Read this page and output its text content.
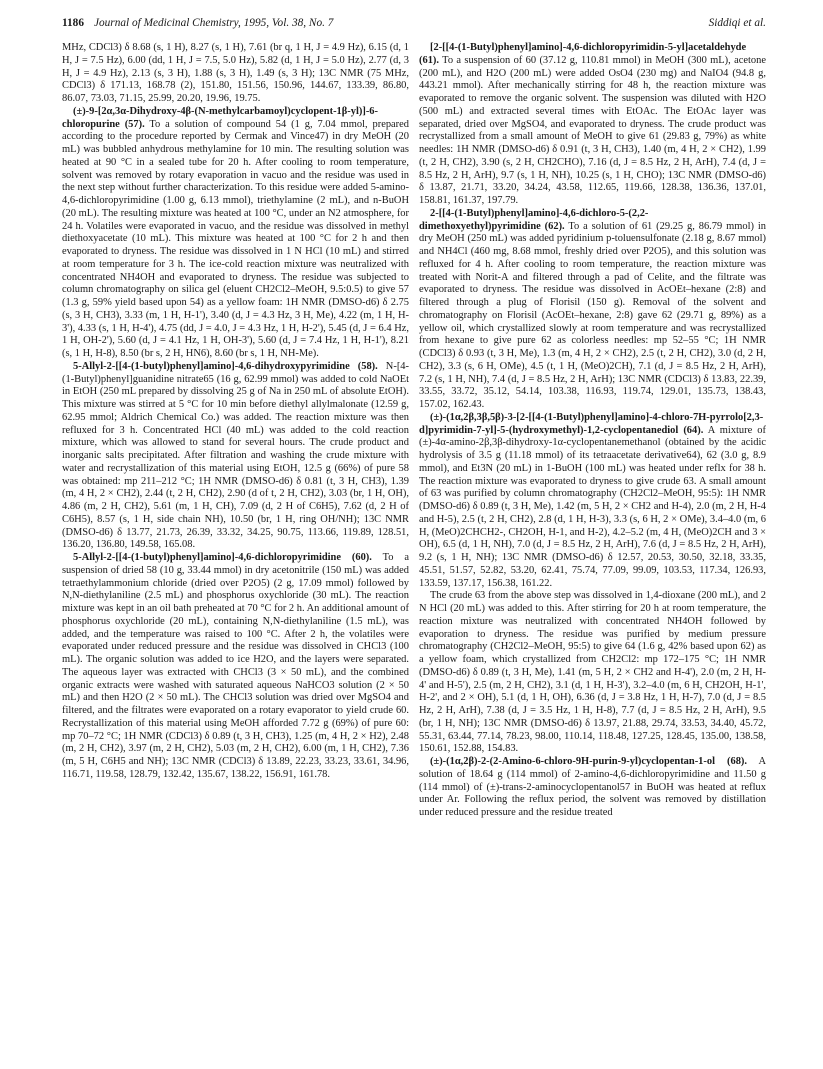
1186 Journal of Medicinal Chemistry, 1995, Vol. 38, No. 7	Siddiqi et al.

MHz, CDCl3) δ 8.68 (s, 1 H), 8.27 (s, 1 H), 7.61 (br q, 1 H, J = 4.9 Hz), 6.15 (d, 1 H, J = 7.5 Hz), 6.00 (dd, 1 H, J = 7.5, 5.0 Hz), 5.82 (d, 1 H, J = 5.0 Hz), 2.77 (d, 3 H, J = 4.9 Hz), 2.13 (s, 3 H), 1.88 (s, 3 H), 1.49 (s, 3 H); 13C NMR (75 MHz, CDCl3) δ 171.13, 168.78 (2), 151.80, 151.56, 150.96, 144.67, 133.39, 86.80, 86.07, 73.03, 71.15, 25.99, 20.20, 19.96, 19.75.

(±)-9-[2α,3α-Dihydroxy-4β-(N-methylcarbamoyl)cyclopent-1β-yl)]-6-chloropurine (57). To a solution of compound 54 (1 g, 7.04 mmol, prepared according to the procedure reported by Cermak and Vince47) in dry MeOH (20 mL) was bubbled anhydrous methylamine for 10 min. The resulting solution was heated at 90 °C in a sealed tube for 20 h. After cooling to room temperature, solvent was removed by rotary evaporation in vacuo and the residue was used in the next step without further characterization. To this residue were added 5-amino-4,6-dichloropyrimidine (1.00 g, 6.13 mmol), triethylamine (2 mL), and n-BuOH (20 mL). The resulting mixture was heated at 100 °C, under an N2 atmosphere, for 24 h. Volatiles were evaporated in vacuo, and the residue was dissolved in methyl diethoxyacetate (10 mL). This mixture was heated at 100 °C for 2 h and then evaporated to dryness. The residue was dissolved in 1 N HCl (10 mL) and stirred at room temperature for 3 h. The ice-cold reaction mixture was neutralized with concentrated NH4OH and evaporated to dryness. The residue was subjected to column chromatography on silica gel (eluent CH2Cl2–MeOH, 9.5:0.5) to give 57 (1.3 g, 59% yield based upon 54) as a yellow foam: 1H NMR (DMSO-d6) δ 2.75 (s, 3 H, CH3), 3.33 (m, 1 H, H-1'), 3.40 (d, J = 4.3 Hz, 3 H, Me), 4.22 (m, 1 H, H-3'), 4.33 (s, 1 H, H-4'), 4.75 (dd, J = 4.0, J = 4.3 Hz, 1 H, H-2'), 5.45 (d, J = 6.4 Hz, 1 H, OH-2'), 5.60 (d, J = 4.1 Hz, 1 H, OH-3'), 5.60 (d, J = 7.4 Hz, 1 H, H-1'), 8.21 (s, 1 H, H-8), 8.50 (br s, 2 H, HN6), 8.60 (br s, 1 H, NH-Me).

5-Allyl-2-[[4-(1-butyl)phenyl]amino]-4,6-dihydroxypyrimidine (58). N-[4-(1-Butyl)phenyl]guanidine nitrate65 (16 g, 62.99 mmol) was added to cold NaOEt in EtOH (250 mL prepared by dissolving 25 g of Na in 250 mL of absolute EtOH). This mixture was stirred at 5 °C for 10 min before diethyl allylmalonate (12.59 g, 62.95 mmol; Aldrich Chemical Co.) was added. The reaction mixture was then refluxed for 3 h. Concentrated HCl (40 mL) was added to the cold reaction mixture, which was allowed to stand for several hours. The crude product and inorganic salts precipitated. After filtration and washing the crude mixture with water and recrystallization of this material using EtOH, 12.5 g (66%) of pure 58 was obtained: mp 211–212 °C; 1H NMR (DMSO-d6) δ 0.81 (t, 3 H, CH3), 1.39 (m, 4 H, 2 × CH2), 2.44 (t, 2 H, CH2), 2.90 (d of t, 2 H, CH2), 3.03 (br, 1 H, OH), 4.86 (m, 2 H, CH2), 5.61 (m, 1 H, CH), 7.09 (d, 2 H of C6H5), 7.62 (d, 2 H of C6H5), 8.57 (s, 1 H, side chain NH), 10.50 (br, 1 H, ring OH/NH); 13C NMR (DMSO-d6) δ 13.77, 21.73, 26.39, 33.32, 34.25, 90.75, 113.66, 119.89, 128.51, 136.20, 136.80, 149.58, 165.08.

5-Allyl-2-[[4-(1-butyl)phenyl]amino]-4,6-dichloropyrimidine (60). To a suspension of dried 58 (10 g, 33.44 mmol) in dry acetonitrile (150 mL) was added tetraethylammonium chloride (dried over P2O5) (2 g, 17.09 mmol) followed by N,N-diethylaniline (2.5 mL) and phosphorus oxychloride (30 mL). The reaction mixture was kept in an oil bath preheated at 70 °C for 2 h. An additional amount of phosphorus oxychloride (20 mL), containing N,N-diethylaniline (1.5 mL), was added, and the temperature was raised to 100 °C. After 2 h, the volatiles were evaporated under reduced pressure and the residue was dissolved in CHCl3 (100 mL). The organic solution was added to ice H2O, and the layers were separated. The aqueous layer was extracted with CHCl3 (3 × 50 mL), and the combined organic extracts were washed with saturated aqueous NaHCO3 solution (2 × 50 mL) and then H2O (2 × 50 mL). The CHCl3 solution was dried over MgSO4 and filtered, and the filtrates were evaporated on a rotary evaporator to yield crude 60. Recrystallization of this material using MeOH afforded 7.72 g (69%) of pure 60: mp 70–72 °C; 1H NMR (CDCl3) δ 0.89 (t, 3 H, CH3), 1.25 (m, 4 H, 2 × H2), 2.48 (m, 2 H, CH2), 3.97 (m, 2 H, CH2), 5.03 (m, 2 H, CH2), 6.00 (m, 1 H, CH2), 7.36 (m, 5 H, C6H5 and NH); 13C NMR (CDCl3) δ 13.89, 22.23, 33.23, 33.61, 34.96, 116.71, 119.58, 128.79, 132.42, 135.67, 138.22, 156.91, 161.78.

[2-[[4-(1-Butyl)phenyl]amino]-4,6-dichloropyrimidin-5-yl]acetaldehyde (61). To a suspension of 60 (37.12 g, 110.81 mmol) in MeOH (300 mL), acetone (200 mL), and H2O (200 mL) were added OsO4 (230 mg) and NaIO4 (94.8 g, 443.21 mmol). After mechanically stirring for 48 h, the reaction mixture was evaporated to remove the organic solvent. The suspension was diluted with H2O (500 mL) and extracted several times with EtOAc. The EtOAc layer was separated, dried over MgSO4, and evaporated to dryness. The crude product was recrystallized from a small amount of MeOH to give 61 (29.83 g, 79%) as white needles: 1H NMR (DMSO-d6) δ 0.91 (t, 3 H, CH3), 1.40 (m, 4 H, 2 × CH2), 1.99 (t, 2 H, CH2), 3.90 (s, 2 H, CH2CHO), 7.16 (d, J = 8.5 Hz, 2 H, ArH), 7.4 (d, J = 8.5 Hz, 2 H, ArH), 9.7 (s, 1 H, NH), 10.25 (s, 1 H, CHO); 13C NMR (DMSO-d6) δ 13.87, 21.71, 33.20, 34.24, 43.58, 112.65, 119.66, 128.38, 136.36, 137.01, 158.81, 161.37, 197.79.

2-[[4-(1-Butyl)phenyl]amino]-4,6-dichloro-5-(2,2-dimethoxyethyl)pyrimidine (62). To a solution of 61 (29.25 g, 86.79 mmol) in dry MeOH (250 mL) was added pyridinium p-toluensulfonate (2.18 g, 8.67 mmol) and NH4Cl (460 mg, 8.68 mmol, freshly dried over P2O5), and this solution was refluxed for 4 h. After cooling to room temperature, the reaction mixture was treated with Norit-A and filtered through a pad of Celite, and the filtrate was evaporated to dryness. The residue was dissolved in AcOEt–hexane (2:8) and filtered through a plug of Florisil (150 g). Removal of the solvent and chromatography on Florisil (AcOEt–hexane, 2:8) gave 62 (29.71 g, 89%) as a yellow oil, which crystallized slowly at room temperature and was recrystallized from hexane to give pure 62 as colorless needles: mp 52–55 °C; 1H NMR (CDCl3) δ 0.93 (t, 3 H, Me), 1.3 (m, 4 H, 2 × CH2), 2.5 (t, 2 H, CH2), 3.0 (d, 2 H, CH2), 3.3 (s, 6 H, OMe), 4.5 (t, 1 H, (MeO)2CH), 7.1 (d, J = 8.5 Hz, 2 H, ArH), 7.2 (s, 1 H, NH), 7.4 (d, J = 8.5 Hz, 2 H, ArH); 13C NMR (CDCl3) δ 13.83, 22.39, 33.55, 33.72, 35.12, 54.14, 103.38, 116.93, 119.74, 129.01, 135.73, 138.43, 157.02, 162.43.

(±)-(1α,2β,3β,5β)-3-[2-[[4-(1-Butyl)phenyl]amino]-4-chloro-7H-pyrrolo[2,3-d]pyrimidin-7-yl]-5-(hydroxymethyl)-1,2-cyclopentanediol (64). A mixture of (±)-4α-amino-2β,3β-dihydroxy-1α-cyclopentanemethanol (obtained by the acidic hydrolysis of 3.5 g (11.18 mmol) of its tetraacetate derivative64), 62 (3.0 g, 8.9 mmol), and Et3N (20 mL) in 1-BuOH (100 mL) was heated under reflx for 38 h. The reaction mixture was evaporated to dryness to give crude 63. A small amount of 63 was purified by column chromatography (CH2Cl2–MeOH, 95:5): 1H NMR (DMSO-d6) δ 0.89 (t, 3 H, Me), 1.42 (m, 5 H, 2 × CH2 and H-4), 2.0 (m, 2 H, H-4 and H-5), 2.5 (t, 2 H, CH2), 2.8 (d, 1 H, H-3), 3.3 (s, 6 H, 2 × OMe), 3.4–4.0 (m, 6 H, (MeO)2CHCH2-, CH2OH, H-1, and H-2), 4.2–5.2 (m, 4 H, (MeO)2CH and 3 × OH), 6.5 (d, 1 H, NH), 7.0 (d, J = 8.5 Hz, 2 H, ArH), 7.6 (d, J = 8.5 Hz, 2 H, ArH), 9.2 (s, 1 H, NH); 13C NMR (DMSO-d6) δ 12.57, 20.53, 30.50, 32.18, 33.35, 45.51, 51.57, 52.82, 53.20, 62.41, 75.74, 77.09, 99.09, 103.53, 117.34, 126.93, 133.59, 137.17, 156.38, 161.22.

The crude 63 from the above step was dissolved in 1,4-dioxane (200 mL), and 2 N HCl (20 mL) was added to this. After stirring for 20 h at room temperature, the reaction mixture was neutralized with concentrated NH4OH followed by evaporation to dryness. The residue was purified by medium pressure chromatography (CH2Cl2–MeOH, 95:5) to give 64 (1.6 g, 42% based upon 62) as a yellow foam, which crystallized from CH2Cl2: mp 172–175 °C; 1H NMR (DMSO-d6) δ 0.89 (t, 3 H, Me), 1.41 (m, 5 H, 2 × CH2 and H-4'), 2.0 (m, 2 H, H-4' and H-5'), 2.5 (m, 2 H, CH2), 3.1 (d, 1 H, H-3'), 3.2–4.0 (m, 6 H, CH2OH, H-1', H-2', and 2 × OH), 5.1 (d, 1 H, OH), 6.36 (d, J = 3.8 Hz, 1 H, H-7), 7.0 (d, J = 8.5 Hz, 2 H, ArH), 7.38 (d, J = 3.5 Hz, 1 H, H-8), 7.7 (d, J = 8.5 Hz, 2 H, ArH), 9.5 (br, 1 H, NH); 13C NMR (DMSO-d6) δ 13.97, 21.88, 29.74, 33.53, 34.40, 45.72, 55.31, 63.44, 77.14, 78.23, 98.00, 110.14, 118.48, 127.25, 128.45, 135.00, 138.58, 150.61, 152.88, 154.83.

(±)-(1α,2β)-2-(2-Amino-6-chloro-9H-purin-9-yl)cyclopentan-1-ol (68). A solution of 18.64 g (114 mmol) of 2-amino-4,6-dichloropyrimidine and 11.50 g (114 mmol) of (±)-trans-2-aminocyclopentanol57 in BuOH was heated at reflux under Ar. Following the reflux period, the solvent was removed by distillation under reduced pressure and the residue treated
